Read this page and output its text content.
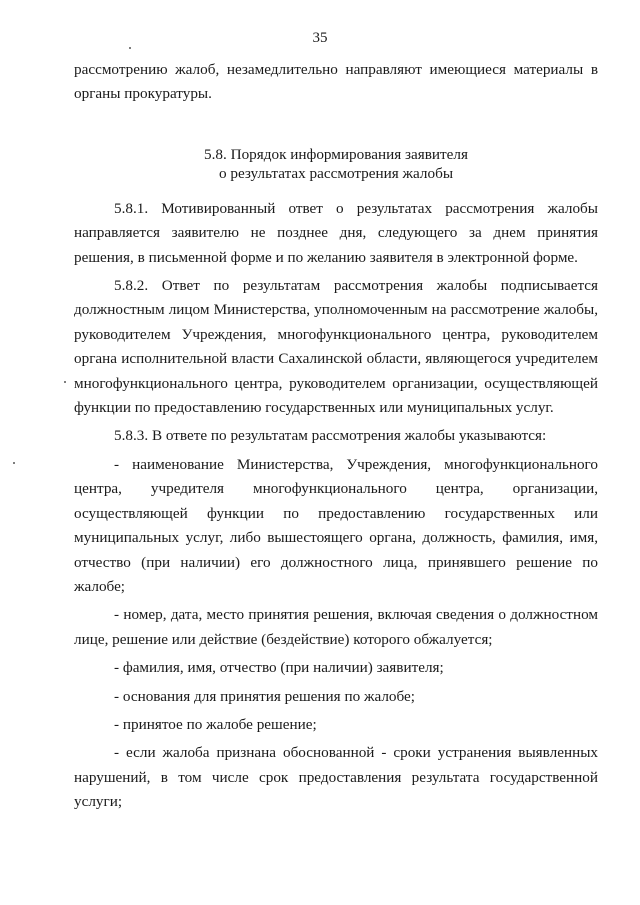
35

рассмотрению жалоб, незамедлительно направляют имеющиеся материалы в органы прокуратуры.

5.8. Порядок информирования заявителя
о результатах рассмотрения жалобы

5.8.1. Мотивированный ответ о результатах рассмотрения жалобы направляется заявителю не позднее дня, следующего за днем принятия решения, в письменной форме и по желанию заявителя в электронной форме.

5.8.2. Ответ по результатам рассмотрения жалобы подписывается должностным лицом Министерства, уполномоченным на рассмотрение жалобы, руководителем Учреждения, многофункционального центра, руководителем органа исполнительной власти Сахалинской области, являющегося учредителем многофункционального центра, руководителем организации, осуществляющей функции по предоставлению государственных или муниципальных услуг.

5.8.3. В ответе по результатам рассмотрения жалобы указываются:

- наименование Министерства, Учреждения, многофункционального центра, учредителя многофункционального центра, организации, осуществляющей функции по предоставлению государственных или муниципальных услуг, либо вышестоящего органа, должность, фамилия, имя, отчество (при наличии) его должностного лица, принявшего решение по жалобе;

- номер, дата, место принятия решения, включая сведения о должностном лице, решение или действие (бездействие) которого обжалуется;

- фамилия, имя, отчество (при наличии) заявителя;

- основания для принятия решения по жалобе;

- принятое по жалобе решение;

- если жалоба признана обоснованной - сроки устранения выявленных нарушений, в том числе срок предоставления результата государственной услуги;
